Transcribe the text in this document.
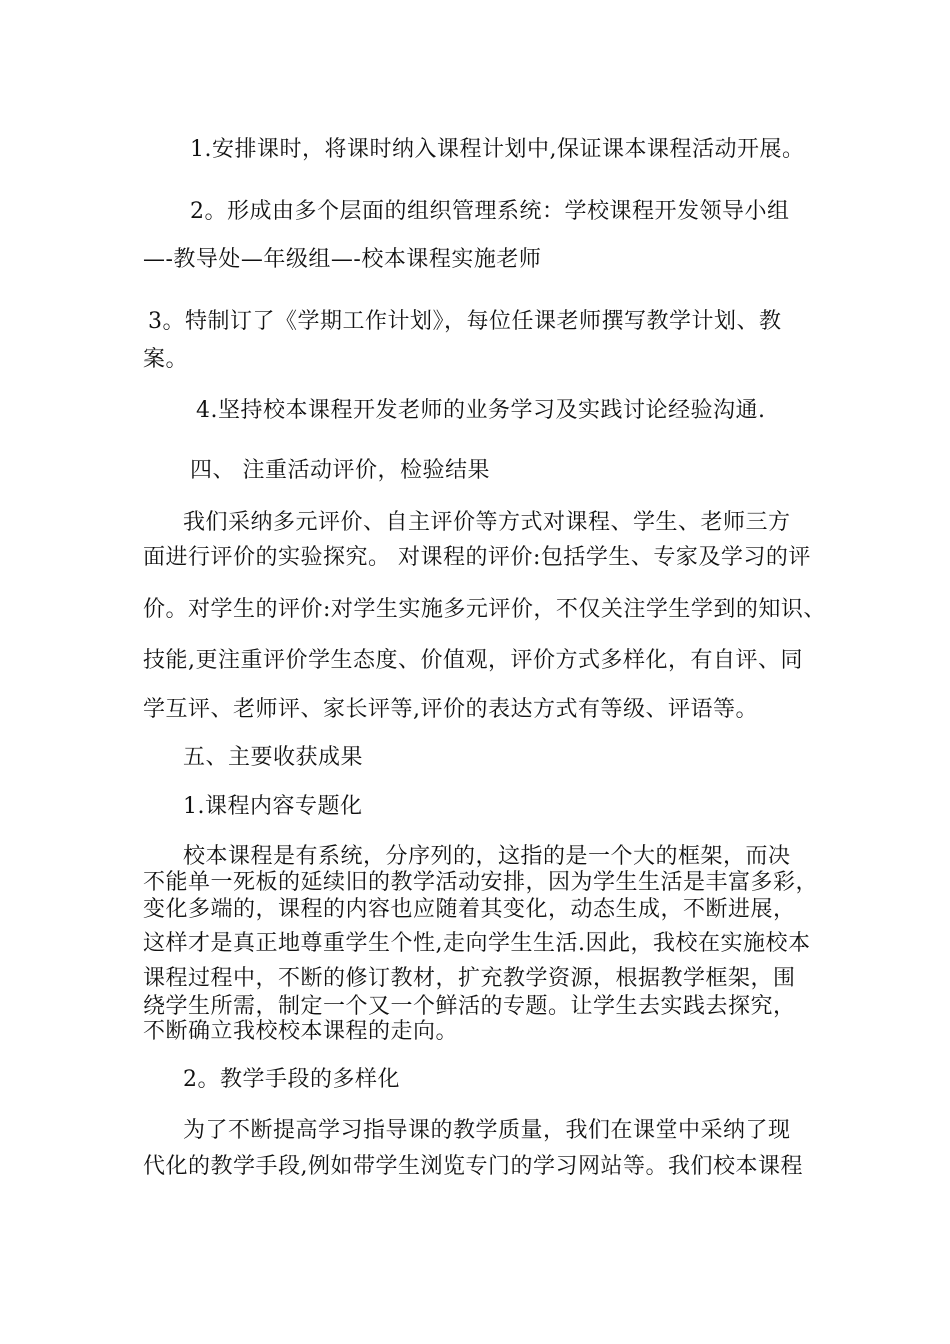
1.安排课时，将课时纳入课程计划中,保证课本课程活动开展。
2。形成由多个层面的组织管理系统：学校课程开发领导小组
—-教导处—年级组—-校本课程实施老师
3。特制订了《学期工作计划》，每位任课老师撰写教学计划、教
案。
4.坚持校本课程开发老师的业务学习及实践讨论经验沟通.
四、 注重活动评价，检验结果
我们采纳多元评价、自主评价等方式对课程、学生、老师三方
面进行评价的实验探究。 对课程的评价:包括学生、专家及学习的评
价。对学生的评价:对学生实施多元评价，不仅关注学生学到的知识、
技能,更注重评价学生态度、价值观，评价方式多样化，有自评、同
学互评、老师评、家长评等,评价的表达方式有等级、评语等。
五、主要收获成果
1.课程内容专题化
校本课程是有系统，分序列的，这指的是一个大的框架，而决
不能单一死板的延续旧的教学活动安排，因为学生生活是丰富多彩，
变化多端的，课程的内容也应随着其变化，动态生成，不断进展，
这样才是真正地尊重学生个性,走向学生生活.因此，我校在实施校本
课程过程中，不断的修订教材，扩充教学资源，根据教学框架，围
绕学生所需，制定一个又一个鲜活的专题。让学生去实践去探究，
不断确立我校校本课程的走向。
2。教学手段的多样化
为了不断提高学习指导课的教学质量，我们在课堂中采纳了现
代化的教学手段,例如带学生浏览专门的学习网站等。我们校本课程
